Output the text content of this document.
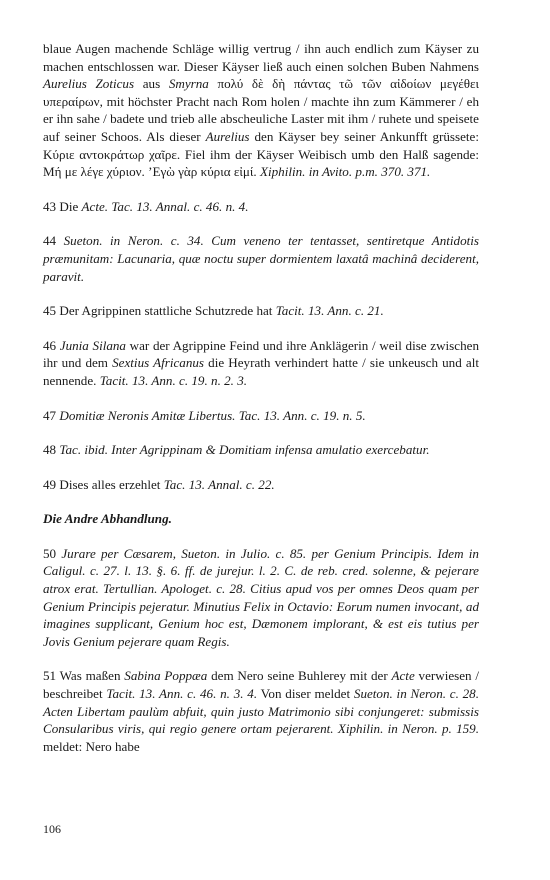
blaue Augen machende Schläge willig vertrug / ihn auch endlich zum Käyser zu machen entschlossen war. Dieser Käyser ließ auch einen solchen Buben Nahmens Aurelius Zoticus aus Smyrna πολύ δὲ δὴ πάντας τῶ τῶν αἰδοίων μεγέθει υπεραίρων, mit höchster Pracht nach Rom holen / machte ihn zum Kämmerer / eh er ihn sahe / badete und trieb alle abscheuliche Laster mit ihm / ruhete und speisete auf seiner Schoos. Als dieser Aurelius den Käyser bey seiner Ankunfft grüssete: Κύριε αντοκράτωρ χαῖρε. Fiel ihm der Käyser Weibisch umb den Halß sagende: Μή με λέγε χύριον. ’Εγὼ γὰρ κύρια εἰμί. Xiphilin. in Avito. p.m. 370. 371.

43 Die Acte. Tac. 13. Annal. c. 46. n. 4.

44 Sueton. in Neron. c. 34. Cum veneno ter tentasset, sentiretque Antidotis præmunitam: Lacunaria, quæ noctu super dormientem laxatâ machinâ deciderent, paravit.

45 Der Agrippinen stattliche Schutzrede hat Tacit. 13. Ann. c. 21.

46 Junia Silana war der Agrippine Feind und ihre Anklägerin / weil dise zwischen ihr und dem Sextius Africanus die Heyrath verhindert hatte / sie unkeusch und alt nennende. Tacit. 13. Ann. c. 19. n. 2. 3.

47 Domitiæ Neronis Amitæ Libertus. Tac. 13. Ann. c. 19. n. 5.

48 Tac. ibid. Inter Agrippinam & Domitiam infensa amulatio exercebatur.

49 Dises alles erzehlet Tac. 13. Annal. c. 22.

Die Andre Abhandlung.

50 Jurare per Cæsarem, Sueton. in Julio. c. 85. per Genium Principis. Idem in Caligul. c. 27. l. 13. §. 6. ff. de jurejur. l. 2. C. de reb. cred. solenne, & pejerare atrox erat. Tertullian. Apologet. c. 28. Citius apud vos per omnes Deos quam per Genium Principis pejeratur. Minutius Felix in Octavio: Eorum numen invocant, ad imagines supplicant, Genium hoc est, Dæmonem implorant, & est eis tutius per Jovis Genium pejerare quam Regis.

51 Was maßen Sabina Poppæa dem Nero seine Buhlerey mit der Acte verwiesen / beschreibet Tacit. 13. Ann. c. 46. n. 3. 4. Von diser meldet Sueton. in Neron. c. 28. Acten Libertam paulùm abfuit, quin justo Matrimonio sibi conjungeret: submissis Consularibus viris, qui regio genere ortam pejerarent. Xiphilin. in Neron. p. 159. meldet: Nero habe

106
